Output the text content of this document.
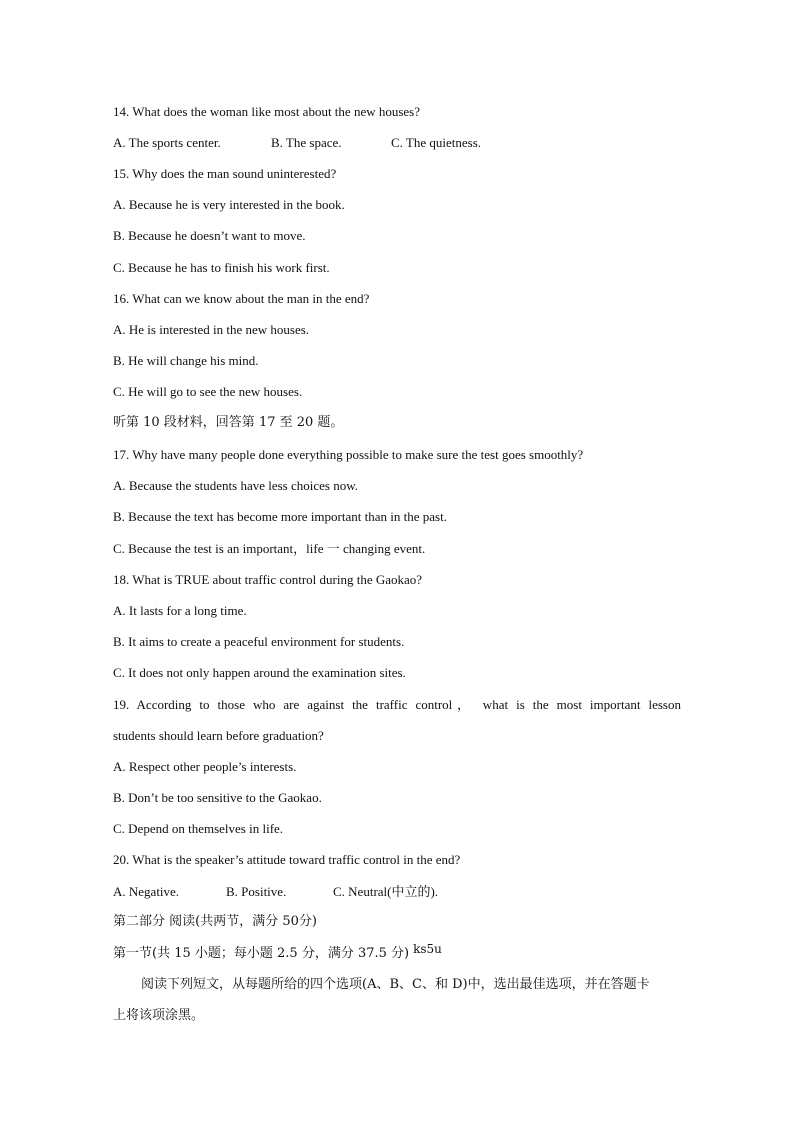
14. What does the woman like most about the new houses?
A. The sports center.	B. The space.	C. The quietness.
15. Why does the man sound uninterested?
A. Because he is very interested in the book.
B. Because he doesn’t want to move.
C. Because he has to finish his work first.
16. What can we know about the man in the end?
A. He is interested in the new houses.
B. He will change his mind.
C. He will go to see the new houses.
听第 10 段材料，回答第 17 至 20 题。
17. Why have many people done everything possible to make sure the test goes smoothly?
A. Because the students have less choices now.
B. Because the text has become more important than in the past.
C. Because the test is an important，life 一 changing event.
18. What is TRUE about traffic control during the Gaokao?
A. It lasts for a long time.
B. It aims to create a peaceful environment for students.
C. It does not only happen around the examination sites.
19. According to those who are against the traffic control， what is the most important lesson
students should learn before graduation?
A. Respect other people’s interests.
B. Don’t be too sensitive to the Gaokao.
C. Depend on themselves in life.
20. What is the speaker’s attitude toward traffic control in the end?
A. Negative.	B. Positive.	C. Neutral(中立的).
第二部分 阅读(共两节，满分 50分)
第一节(共 15 小题；每小题 2.5 分，满分 37.5 分) ks5u
阅读下列短文，从每题所给的四个选项(A、B、C、和 D)中，选出最佳选项，并在答题卡
上将该项涂黑。
